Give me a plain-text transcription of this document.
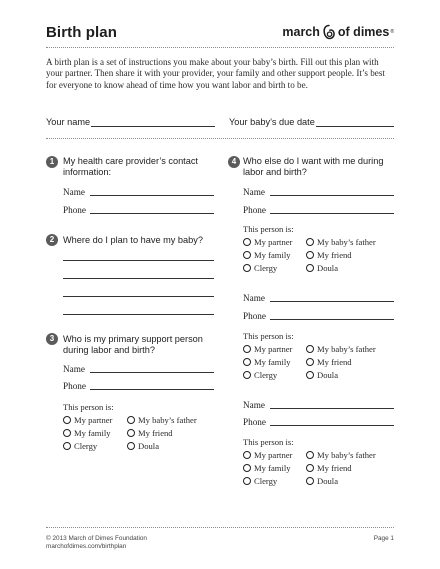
Birth plan	march of dimes ®
A birth plan is a set of instructions you make about your baby’s birth. Fill out this plan with your partner. Then share it with your provider, your family and other support people. It’s best for everyone to know ahead of time how you want labor and birth to be.
Your name	Your baby’s due date
1 My health care provider’s contact information:
Name
Phone
2 Where do I plan to have my baby?
3 Who is my primary support person during labor and birth?
Name
Phone
This person is:
My partner
My family
Clergy
My baby’s father
My friend
Doula
4 Who else do I want with me during labor and birth?
Name
Phone
This person is:
My partner
My family
Clergy
My baby’s father
My friend
Doula
Name
Phone
This person is:
My partner
My family
Clergy
My baby’s father
My friend
Doula
Name
Phone
This person is:
My partner
My family
Clergy
My baby’s father
My friend
Doula
© 2013 March of Dimes Foundation
marchofdimes.com/birthplan
Page 1
